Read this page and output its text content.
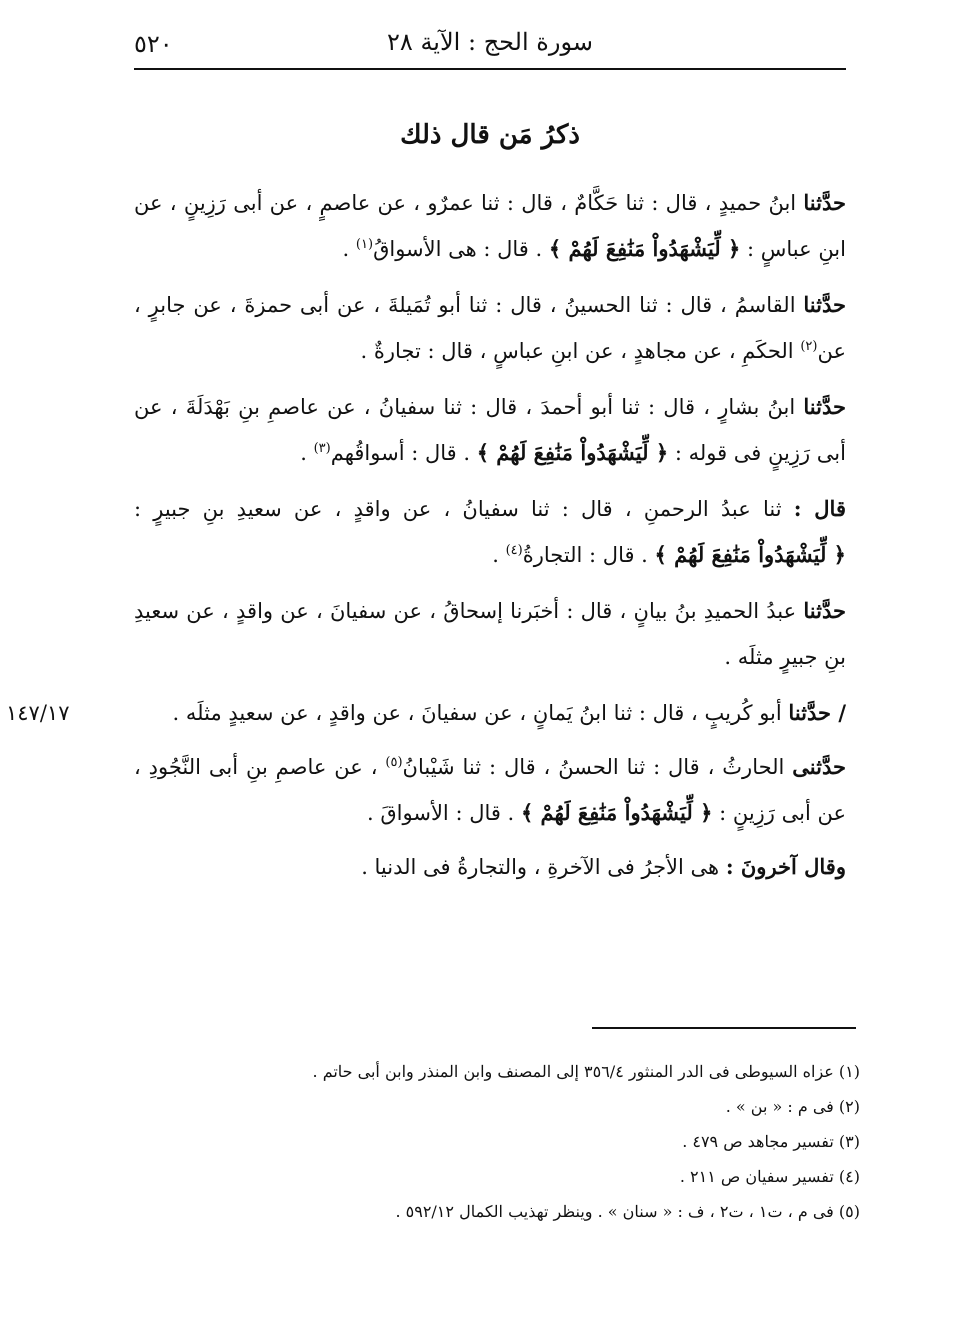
٥٢٠	سورة الحج : الآية ٢٨
ذكرُ مَن قال ذلك

حدَّثنا ابنُ حميدٍ ، قال : ثنا حَكَّامٌ ، قال : ثنا عمرٌو ، عن عاصمٍ ، عن أبى رَزِينٍ ، عن ابنِ عباسٍ : ﴿ لِّيَشْهَدُواْ مَنَٰفِعَ لَهُمْ ﴾ . قال : هى الأسواقُ$^{(١)}$ .

حدَّثنا القاسمُ ، قال : ثنا الحسينُ ، قال : ثنا أبو تُمَيلةَ ، عن أبى حمزةَ ، عن جابرٍ ، عن$^{(٢)}$ الحكَمِ ، عن مجاهدٍ ، عن ابنِ عباسٍ ، قال : تجارةٌ .

حدَّثنا ابنُ بشارٍ ، قال : ثنا أبو أحمدَ ، قال : ثنا سفيانُ ، عن عاصمِ بنِ بَهْدَلَةَ ، عن أبى رَزِينٍ فى قوله : ﴿ لِّيَشْهَدُواْ مَنَٰفِعَ لَهُمْ ﴾ . قال : أسواقُهم$^{(٣)}$ .

قال : ثنا عبدُ الرحمنِ ، قال : ثنا سفيانُ ، عن واقدٍ ، عن سعيدِ بنِ جبيرٍ : ﴿ لِّيَشْهَدُواْ مَنَٰفِعَ لَهُمْ ﴾ . قال : التجارةُ$^{(٤)}$ .

حدَّثنا عبدُ الحميدِ بنُ بيانٍ ، قال : أخبَرنا إسحاقُ ، عن سفيانَ ، عن واقدٍ ، عن سعيدِ بنِ جبيرٍ مثلَه .

١٤٧/١٧	/ حدَّثنا أبو كُريبٍ ، قال : ثنا ابنُ يَمانٍ ، عن سفيانَ ، عن واقدٍ ، عن سعيدٍ مثلَه .

حدَّثنى الحارثُ ، قال : ثنا الحسنُ ، قال : ثنا شَيْبانُ$^{(٥)}$ ، عن عاصمِ بنِ أبى النَّجُودِ ، عن أبى رَزِينٍ : ﴿ لِّيَشْهَدُواْ مَنَٰفِعَ لَهُمْ ﴾ . قال : الأسواقَ .

وقال آخرونَ : هى الأجرُ فى الآخرةِ ، والتجارةُ فى الدنيا .

(١) عزاه السيوطى فى الدر المنثور ٣٥٦/٤ إلى المصنف وابن المنذر وابن أبى حاتم .

(٢) فى م : « بن » .

(٣) تفسير مجاهد ص ٤٧٩ .

(٤) تفسير سفيان ص ٢١١ .

(٥) فى م ، ت١ ، ت٢ ، ف : « سنان » . وينظر تهذيب الكمال ٥٩٢/١٢ .
